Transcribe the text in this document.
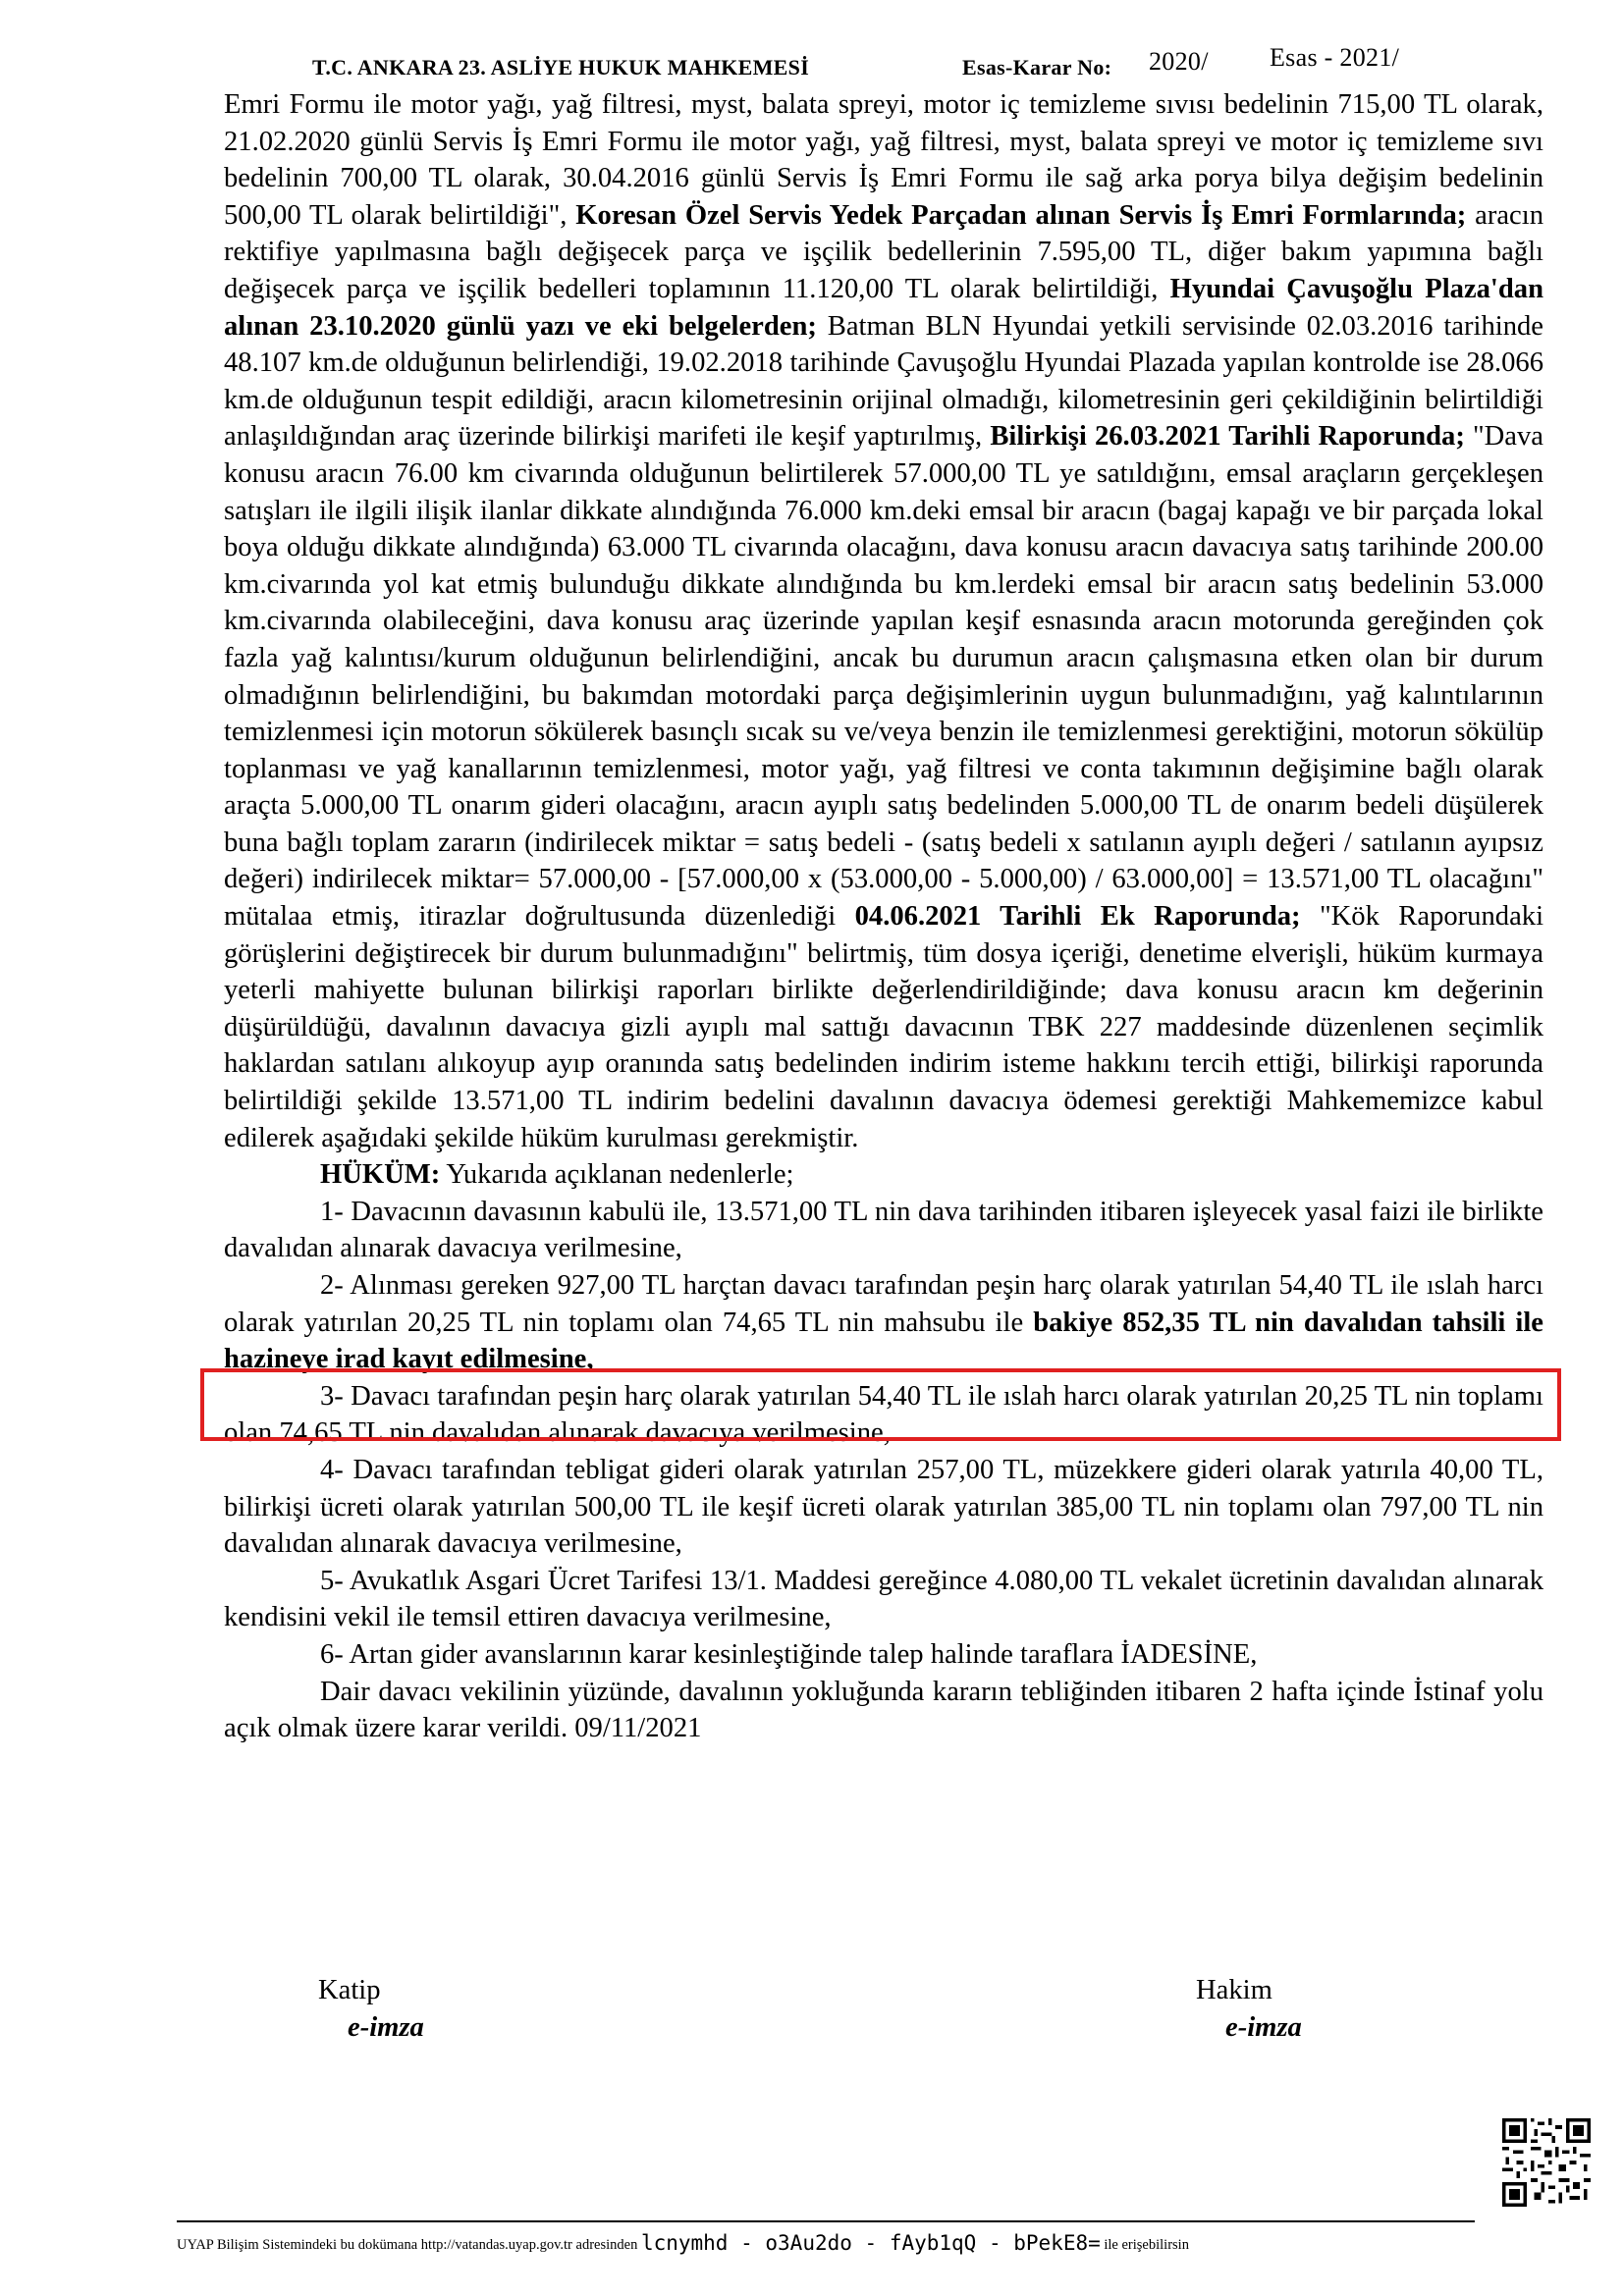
T.C. ANKARA 23. ASLİYE HUKUK MAHKEMESİ	Esas-Karar No: 2020/ Esas - 2021/

Emri Formu ile motor yağı, yağ filtresi, myst, balata spreyi, motor iç temizleme sıvısı bedelinin 715,00 TL olarak, 21.02.2020 günlü Servis İş Emri Formu ile motor yağı, yağ filtresi, myst, balata spreyi ve motor iç temizleme sıvı bedelinin 700,00 TL olarak, 30.04.2016 günlü Servis İş Emri Formu ile sağ arka porya bilya değişim bedelinin 500,00 TL olarak belirtildiği", Koresan Özel Servis Yedek Parçadan alınan Servis İş Emri Formlarında; aracın rektifiye yapılmasına bağlı değişecek parça ve işçilik bedellerinin 7.595,00 TL, diğer bakım yapımına bağlı değişecek parça ve işçilik bedelleri toplamının 11.120,00 TL olarak belirtildiği, Hyundai Çavuşoğlu Plaza'dan alınan 23.10.2020 günlü yazı ve eki belgelerden; Batman BLN Hyundai yetkili servisinde 02.03.2016 tarihinde 48.107 km.de olduğunun belirlendiği, 19.02.2018 tarihinde Çavuşoğlu Hyundai Plazada yapılan kontrolde ise 28.066 km.de olduğunun tespit edildiği, aracın kilometresinin orijinal olmadığı, kilometresinin geri çekildiğinin belirtildiği anlaşıldığından araç üzerinde bilirkişi marifeti ile keşif yaptırılmış, Bilirkişi 26.03.2021 Tarihli Raporunda; "Dava konusu aracın 76.00 km civarında olduğunun belirtilerek 57.000,00 TL ye satıldığını, emsal araçların gerçekleşen satışları ile ilgili ilişik ilanlar dikkate alındığında 76.000 km.deki emsal bir aracın (bagaj kapağı ve bir parçada lokal boya olduğu dikkate alındığında) 63.000 TL civarında olacağını, dava konusu aracın davacıya satış tarihinde 200.00 km.civarında yol kat etmiş bulunduğu dikkate alındığında bu km.lerdeki emsal bir aracın satış bedelinin 53.000 km.civarında olabileceğini, dava konusu araç üzerinde yapılan keşif esnasında aracın motorunda gereğinden çok fazla yağ kalıntısı/kurum olduğunun belirlendiğini, ancak bu durumun aracın çalışmasına etken olan bir durum olmadığının belirlendiğini, bu bakımdan motordaki parça değişimlerinin uygun bulunmadığını, yağ kalıntılarının temizlenmesi için motorun sökülerek basınçlı sıcak su ve/veya benzin ile temizlenmesi gerektiğini, motorun sökülüp toplanması ve yağ kanallarının temizlenmesi, motor yağı, yağ filtresi ve conta takımının değişimine bağlı olarak araçta 5.000,00 TL onarım gideri olacağını, aracın ayıplı satış bedelinden 5.000,00 TL de onarım bedeli düşülerek buna bağlı toplam zararın (indirilecek miktar = satış bedeli - (satış bedeli x satılanın ayıplı değeri / satılanın ayıpsız değeri) indirilecek miktar= 57.000,00 - [57.000,00 x (53.000,00 - 5.000,00) / 63.000,00] = 13.571,00 TL olacağını" mütalaa etmiş, itirazlar doğrultusunda düzenlediği 04.06.2021 Tarihli Ek Raporunda; "Kök Raporundaki görüşlerini değiştirecek bir durum bulunmadığını" belirtmiş, tüm dosya içeriği, denetime elverişli, hüküm kurmaya yeterli mahiyette bulunan bilirkişi raporları birlikte değerlendirildiğinde; dava konusu aracın km değerinin düşürüldüğü, davalının davacıya gizli ayıplı mal sattığı davacının TBK 227 maddesinde düzenlenen seçimlik haklardan satılanı alıkoyup ayıp oranında satış bedelinden indirim isteme hakkını tercih ettiği, bilirkişi raporunda belirtildiği şekilde 13.571,00 TL indirim bedelini davalının davacıya ödemesi gerektiği Mahkememizce kabul edilerek aşağıdaki şekilde hüküm kurulması gerekmiştir.

HÜKÜM: Yukarıda açıklanan nedenlerle;

1- Davacının davasının kabulü ile, 13.571,00 TL nin dava tarihinden itibaren işleyecek yasal faizi ile birlikte davalıdan alınarak davacıya verilmesine,

2- Alınması gereken 927,00 TL harçtan davacı tarafından peşin harç olarak yatırılan 54,40 TL ile ıslah harcı olarak yatırılan 20,25 TL nin toplamı olan 74,65 TL nin mahsubu ile bakiye 852,35 TL nin davalıdan tahsili ile hazineye irad kayıt edilmesine,

3- Davacı tarafından peşin harç olarak yatırılan 54,40 TL ile ıslah harcı olarak yatırılan 20,25 TL nin toplamı olan 74,65 TL nin davalıdan alınarak davacıya verilmesine,

4- Davacı tarafından tebligat gideri olarak yatırılan 257,00 TL, müzekkere gideri olarak yatırıla 40,00 TL, bilirkişi ücreti olarak yatırılan 500,00 TL ile keşif ücreti olarak yatırılan 385,00 TL nin toplamı olan 797,00 TL nin davalıdan alınarak davacıya verilmesine,

5- Avukatlık Asgari Ücret Tarifesi 13/1. Maddesi gereğince 4.080,00 TL vekalet ücretinin davalıdan alınarak kendisini vekil ile temsil ettiren davacıya verilmesine,

6- Artan gider avanslarının karar kesinleştiğinde talep halinde taraflara İADESİNE,

Dair davacı vekilinin yüzünde, davalının yokluğunda kararın tebliğinden itibaren 2 hafta içinde İstinaf yolu açık olmak üzere karar verildi. 09/11/2021

Katip
e-imza
Hakim
e-imza
UYAP Bilişim Sistemindeki bu dokümana http://vatandas.uyap.gov.tr adresinden lcnymhd - o3Au2do - fAyb1qQ - bPekE8= ile erişebilirsin
